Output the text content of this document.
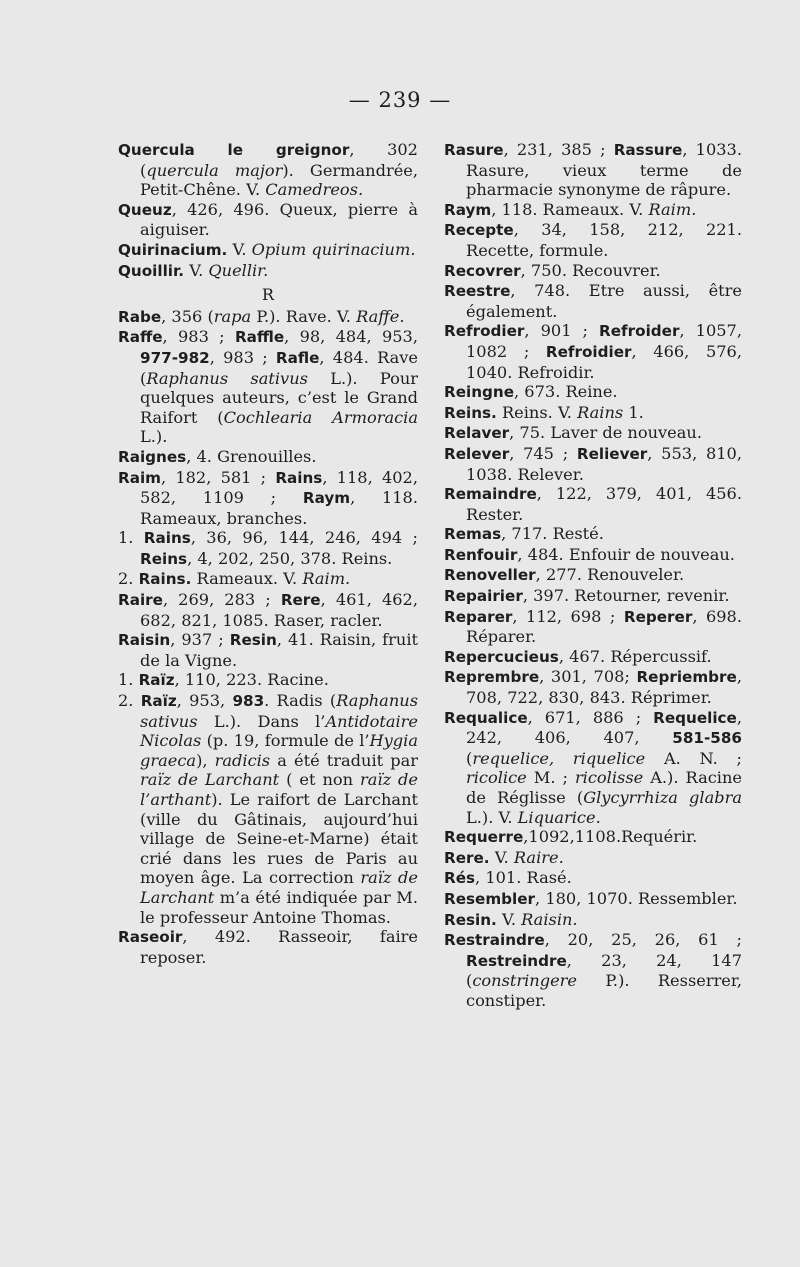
— 239 —

Quercula le greignor, 302 (quercula major). Germandrée, Petit-Chêne. V. Camedreos.

Queuz, 426, 496. Queux, pierre à aiguiser.

Quirinacium. V. Opium quirinacium.

Quoillir. V. Quellir.

R

Rabe, 356 (rapa P.). Rave. V. Raffe.

Raffe, 983 ; Raffle, 98, 484, 953, 977-982, 983 ; Rafle, 484. Rave (Raphanus sativus L.). Pour quelques auteurs, c’est le Grand Raifort (Cochlearia Armoracia L.).

Raignes, 4. Grenouilles.

Raim, 182, 581 ; Rains, 118, 402, 582, 1109 ; Raym, 118. Rameaux, branches.

1. Rains, 36, 96, 144, 246, 494 ; Reins, 4, 202, 250, 378. Reins.

2. Rains. Rameaux. V. Raim.

Raire, 269, 283 ; Rere, 461, 462, 682, 821, 1085. Raser, racler.

Raisin, 937 ; Resin, 41. Raisin, fruit de la Vigne.

1. Raïz, 110, 223. Racine.

2. Raïz, 953, 983. Radis (Raphanus sativus L.). Dans l’Antidotaire Nicolas (p. 19, formule de l’Hygia graeca), radicis a été traduit par raïz de Larchant ( et non raïz de l’arthant). Le raifort de Larchant (ville du Gâtinais, aujourd’hui village de Seine-et-Marne) était crié dans les rues de Paris au moyen âge. La correction raïz de Larchant m’a été indiquée par M. le professeur Antoine Thomas.

Raseoir, 492. Rasseoir, faire reposer.

Rasure, 231, 385 ; Rassure, 1033. Rasure, vieux terme de pharmacie synonyme de râpure.

Raym, 118. Rameaux. V. Raim.

Recepte, 34, 158, 212, 221. Recette, formule.

Recovrer, 750. Recouvrer.

Reestre, 748. Etre aussi, être également.

Refrodier, 901 ; Refroider, 1057, 1082 ; Refroidier, 466, 576, 1040. Refroidir.

Reingne, 673. Reine.

Reins. Reins. V. Rains 1.

Relaver, 75. Laver de nouveau.

Relever, 745 ; Reliever, 553, 810, 1038. Relever.

Remaindre, 122, 379, 401, 456. Rester.

Remas, 717. Resté.

Renfouir, 484. Enfouir de nouveau.

Renoveller, 277. Renouveler.

Repairier, 397. Retourner, revenir.

Reparer, 112, 698 ; Reperer, 698. Réparer.

Repercucieus, 467. Répercussif.

Reprembre, 301, 708; Repriembre, 708, 722, 830, 843. Réprimer.

Requalice, 671, 886 ; Requelice, 242, 406, 407, 581-586 (requelice, riquelice A. N. ; ricolice M. ; ricolisse A.). Racine de Réglisse (Glycyrrhiza glabra L.). V. Liquarice.

Requerre,1092,1108.Requérir.

Rere. V. Raire.

Rés, 101. Rasé.

Resembler, 180, 1070. Ressembler.

Resin. V. Raisin.

Restraindre, 20, 25, 26, 61 ; Restreindre, 23, 24, 147 (constringere P.). Resserrer, constiper.
